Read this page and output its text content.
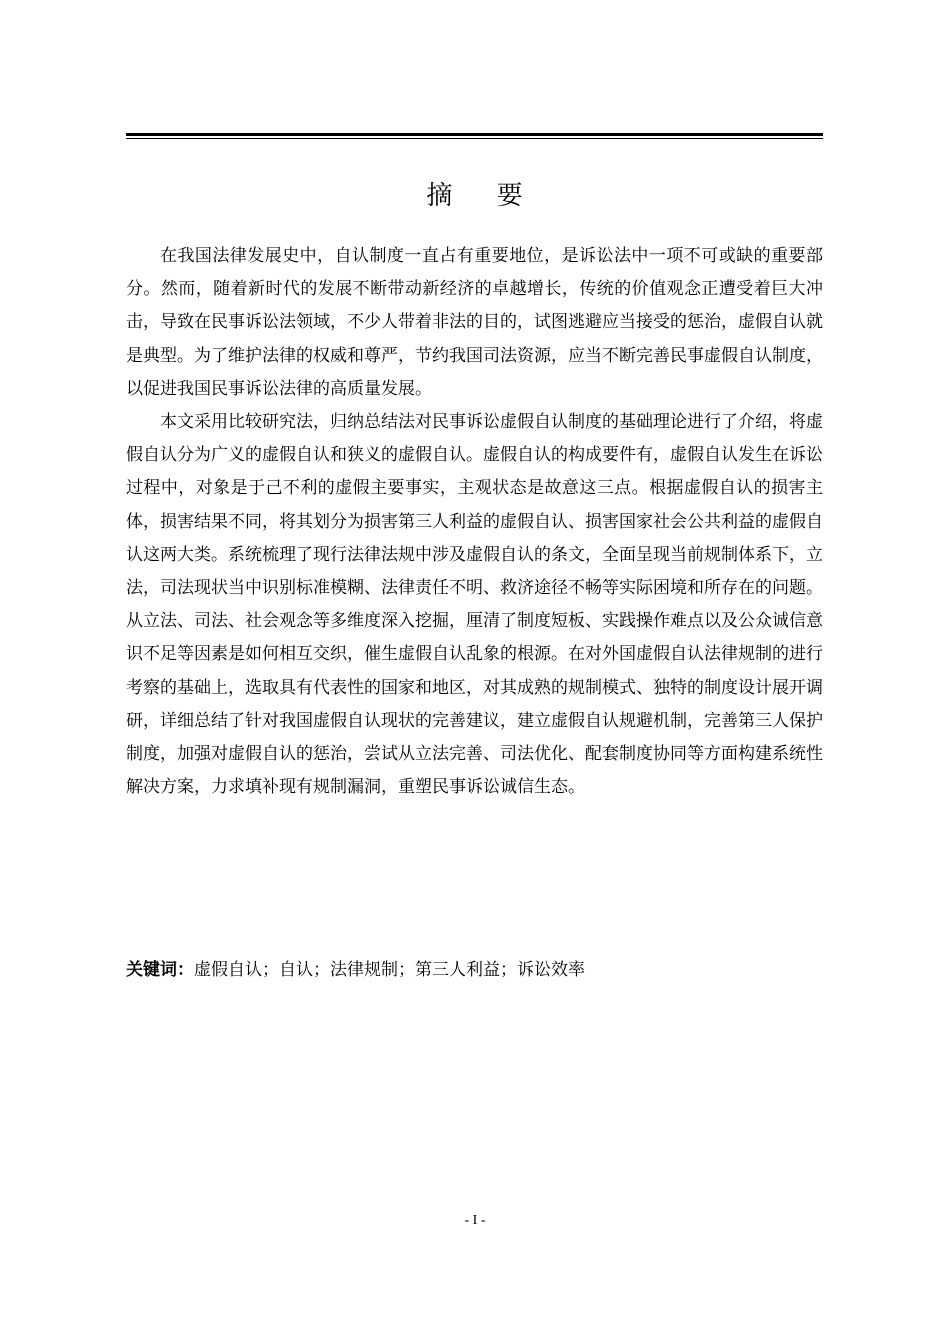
摘 要

在我国法律发展史中，自认制度一直占有重要地位，是诉讼法中一项不可或缺的重要部分。然而，随着新时代的发展不断带动新经济的卓越增长，传统的价值观念正遭受着巨大冲击，导致在民事诉讼法领域，不少人带着非法的目的，试图逃避应当接受的惩治，虚假自认就是典型。为了维护法律的权威和尊严，节约我国司法资源，应当不断完善民事虚假自认制度，以促进我国民事诉讼法律的高质量发展。

本文采用比较研究法，归纳总结法对民事诉讼虚假自认制度的基础理论进行了介绍，将虚假自认分为广义的虚假自认和狭义的虚假自认。虚假自认的构成要件有，虚假自认发生在诉讼过程中，对象是于己不利的虚假主要事实，主观状态是故意这三点。根据虚假自认的损害主体，损害结果不同，将其划分为损害第三人利益的虚假自认、损害国家社会公共利益的虚假自认这两大类。系统梳理了现行法律法规中涉及虚假自认的条文，全面呈现当前规制体系下，立法，司法现状当中识别标准模糊、法律责任不明、救济途径不畅等实际困境和所存在的问题。从立法、司法、社会观念等多维度深入挖掘，厘清了制度短板、实践操作难点以及公众诚信意识不足等因素是如何相互交织，催生虚假自认乱象的根源。在对外国虚假自认法律规制的进行考察的基础上，选取具有代表性的国家和地区，对其成熟的规制模式、独特的制度设计展开调研，详细总结了针对我国虚假自认现状的完善建议，建立虚假自认规避机制，完善第三人保护制度，加强对虚假自认的惩治，尝试从立法完善、司法优化、配套制度协同等方面构建系统性解决方案，力求填补现有规制漏洞，重塑民事诉讼诚信生态。

关键词：虚假自认；自认；法律规制；第三人利益；诉讼效率
- I -
